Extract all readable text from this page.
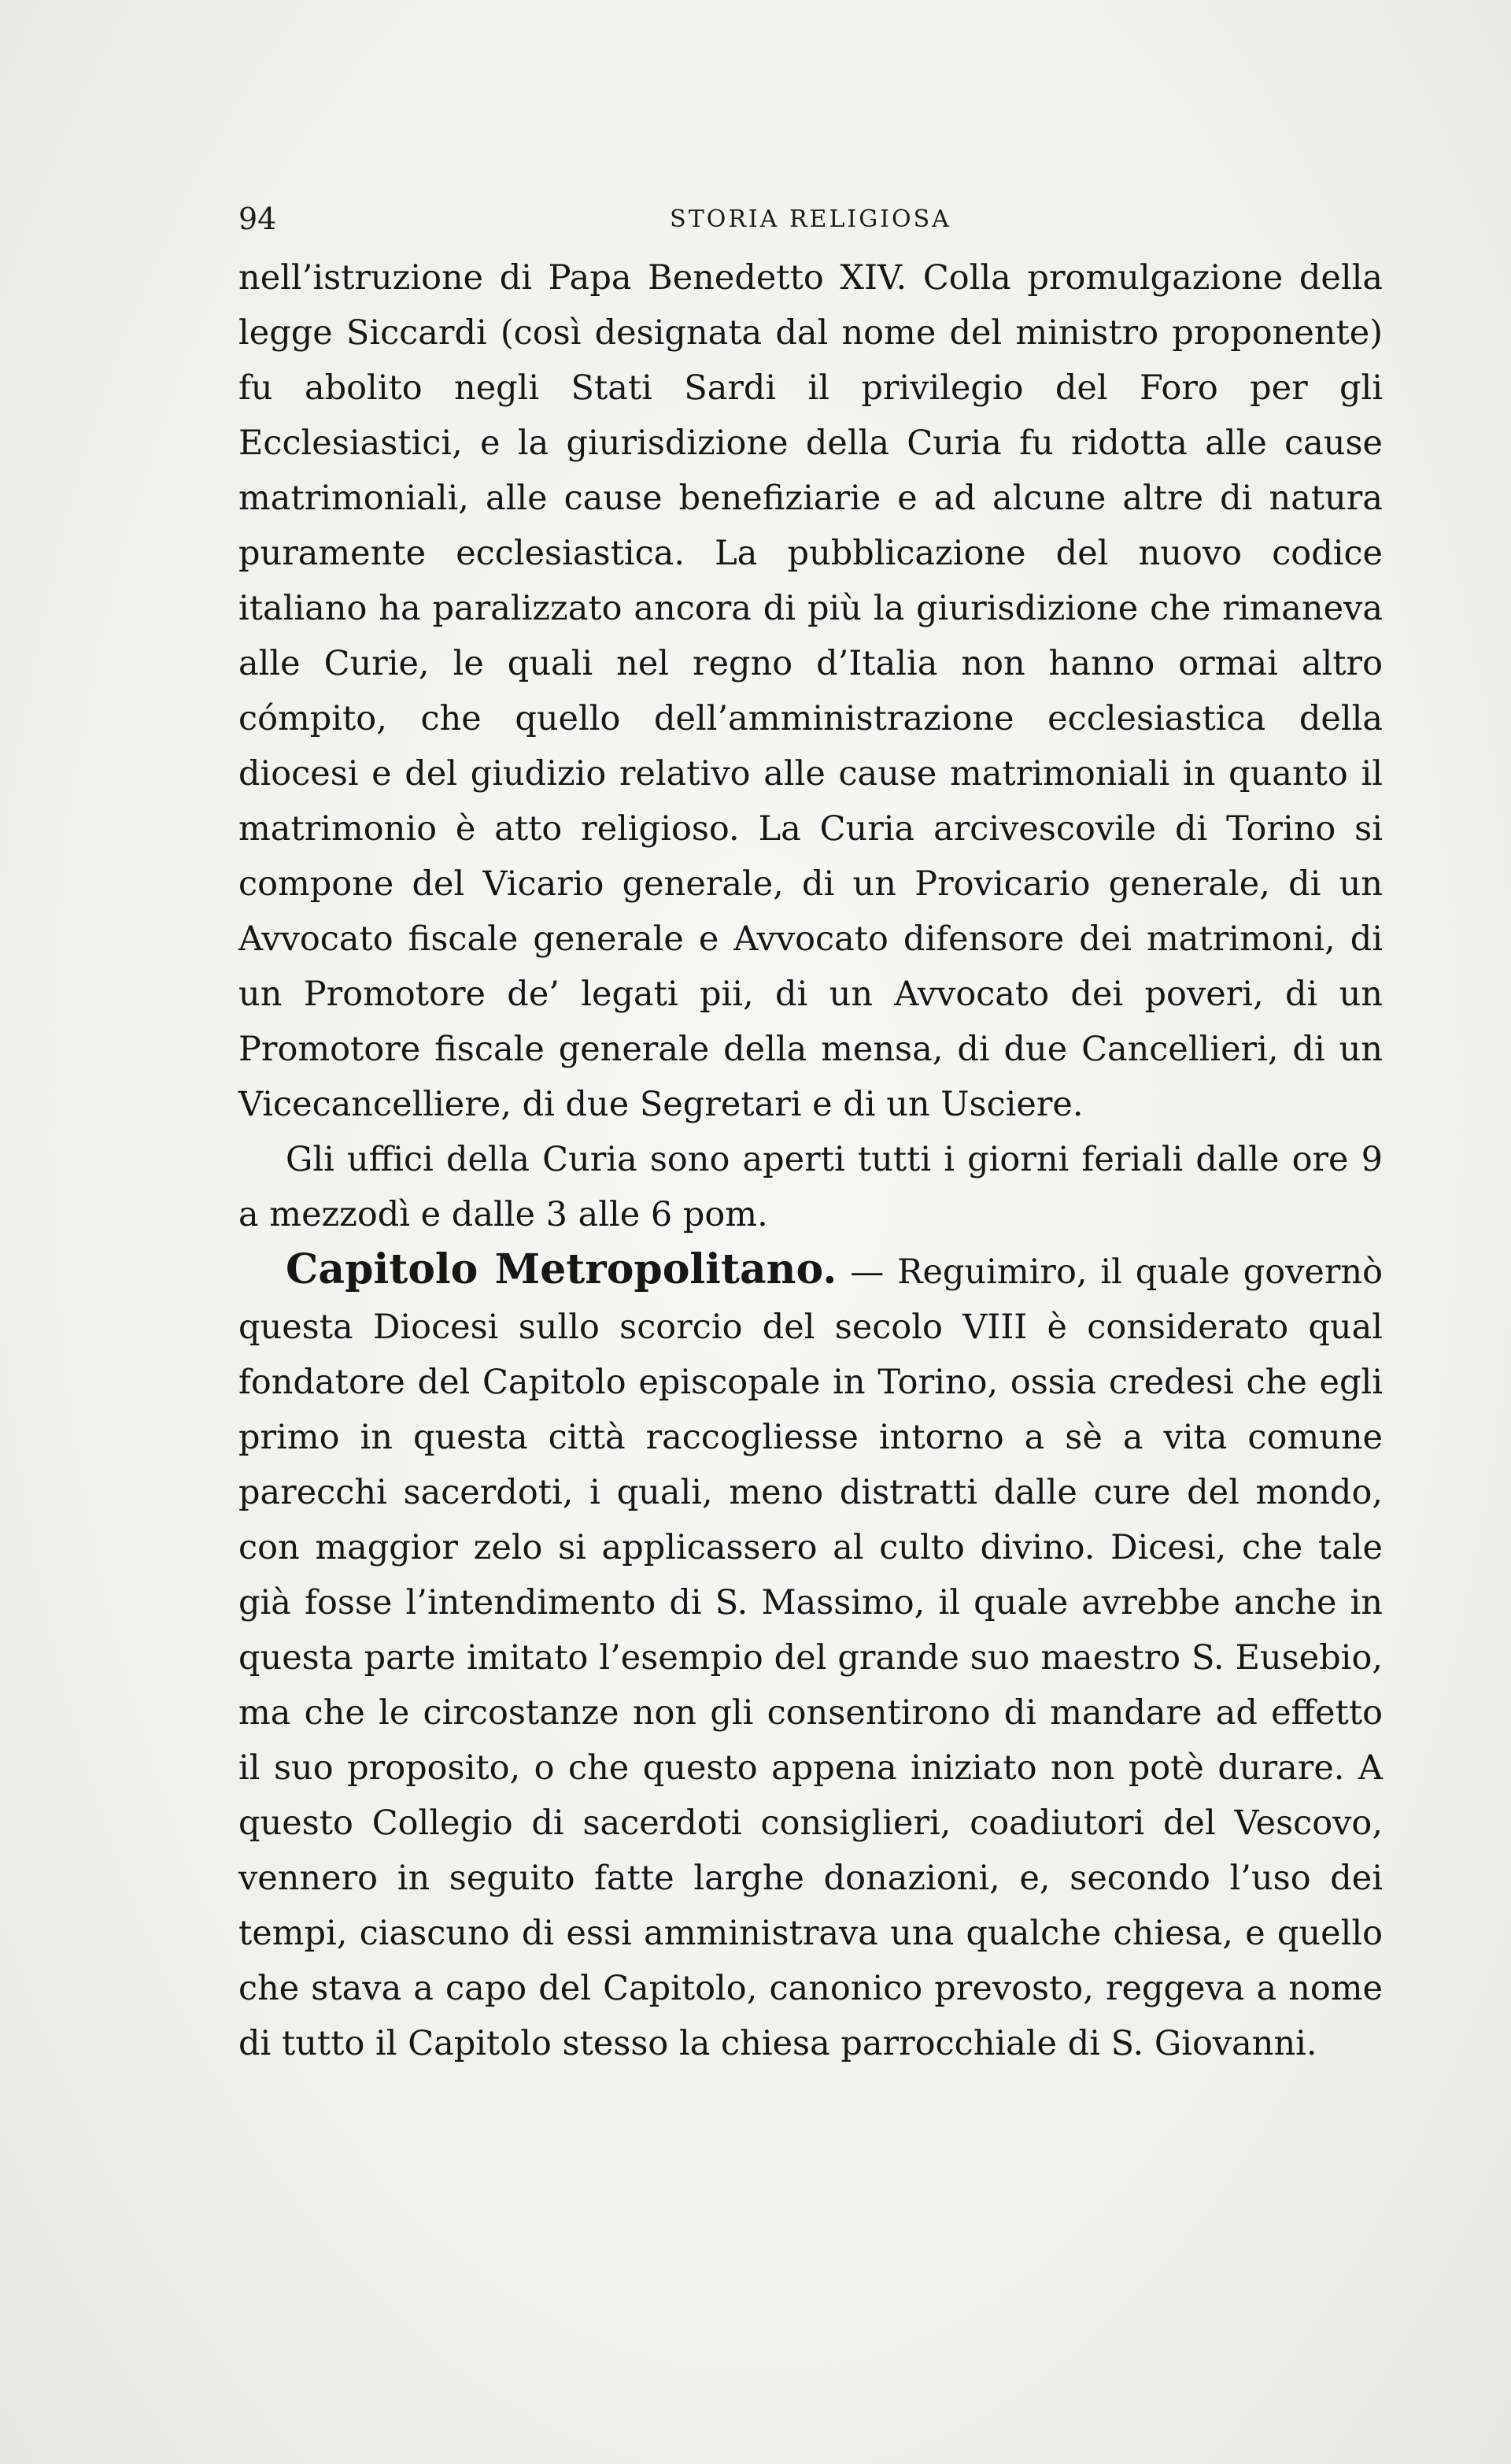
94	STORIA RELIGIOSA

nell’istruzione di Papa Benedetto XIV. Colla promulgazione della legge Siccardi (così designata dal nome del ministro proponente) fu abolito negli Stati Sardi il privilegio del Foro per gli Ecclesiastici, e la giurisdizione della Curia fu ridotta alle cause matrimoniali, alle cause benefiziarie e ad alcune altre di natura puramente ecclesiastica. La pubblicazione del nuovo codice italiano ha paralizzato ancora di più la giurisdizione che rimaneva alle Curie, le quali nel regno d’Italia non hanno ormai altro cómpito, che quello dell’amministrazione ecclesiastica della diocesi e del giudizio relativo alle cause matrimoniali in quanto il matrimonio è atto religioso. La Curia arcivescovile di Torino si compone del Vicario generale, di un Provicario generale, di un Avvocato fiscale generale e Avvocato difensore dei matrimoni, di un Promotore de’ legati pii, di un Avvocato dei poveri, di un Promotore fiscale generale della mensa, di due Cancellieri, di un Vicecancelliere, di due Segretari e di un Usciere.

Gli uffici della Curia sono aperti tutti i giorni feriali dalle ore 9 a mezzodì e dalle 3 alle 6 pom.

Capitolo Metropolitano. — Reguimiro, il quale governò questa Diocesi sullo scorcio del secolo VIII è considerato qual fondatore del Capitolo episcopale in Torino, ossia credesi che egli primo in questa città raccogliesse intorno a sè a vita comune parecchi sacerdoti, i quali, meno distratti dalle cure del mondo, con maggior zelo si applicassero al culto divino. Dicesi, che tale già fosse l’intendimento di S. Massimo, il quale avrebbe anche in questa parte imitato l’esempio del grande suo maestro S. Eusebio, ma che le circostanze non gli consentirono di mandare ad effetto il suo proposito, o che questo appena iniziato non potè durare. A questo Collegio di sacerdoti consiglieri, coadiutori del Vescovo, vennero in seguito fatte larghe donazioni, e, secondo l’uso dei tempi, ciascuno di essi amministrava una qualche chiesa, e quello che stava a capo del Capitolo, canonico prevosto, reggeva a nome di tutto il Capitolo stesso la chiesa parrocchiale di S. Giovanni.
